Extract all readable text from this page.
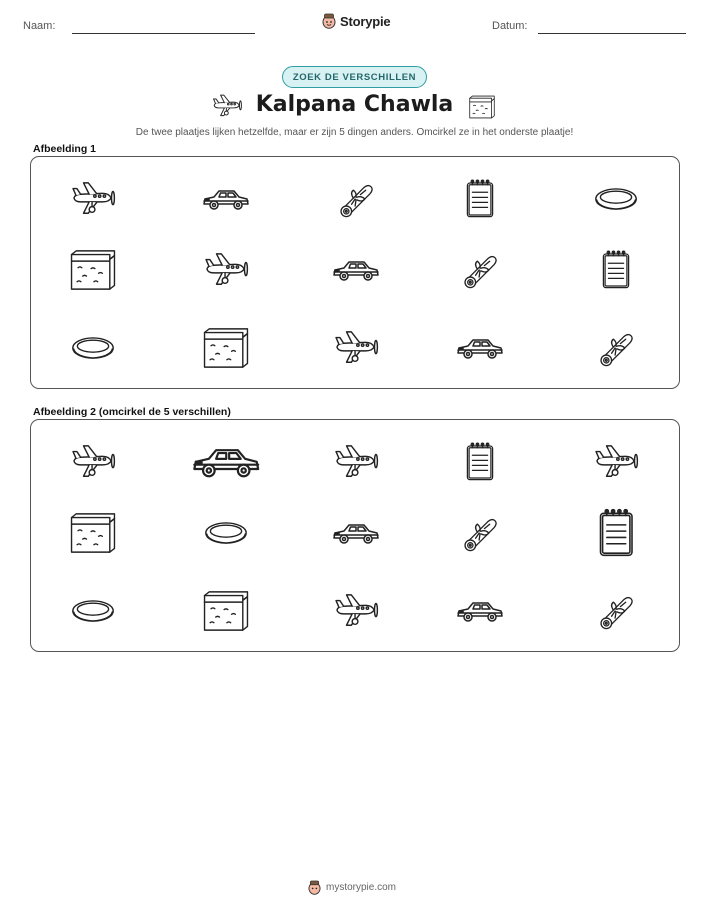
Naam:	Storypie	Datum:
ZOEK DE VERSCHILLEN
Kalpana Chawla
De twee plaatjes lijken hetzelfde, maar er zijn 5 dingen anders. Omcirkel ze in het onderste plaatje!
Afbeelding 1
Afbeelding 2 (omcirkel de 5 verschillen)
mystorypie.com
